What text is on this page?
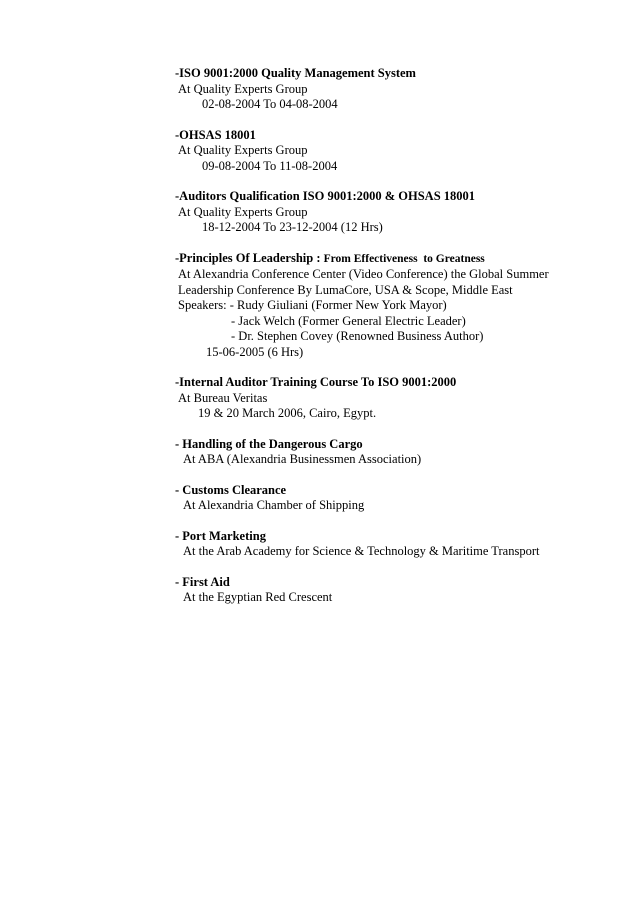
-ISO 9001:2000 Quality Management System
At Quality Experts Group
02-08-2004 To 04-08-2004
-OHSAS 18001
At Quality Experts Group
09-08-2004 To 11-08-2004
-Auditors Qualification ISO 9001:2000 & OHSAS 18001
At Quality Experts Group
18-12-2004 To 23-12-2004 (12 Hrs)
-Principles Of Leadership : From Effectiveness  to Greatness
At Alexandria Conference Center (Video Conference) the Global Summer
Leadership Conference By LumaCore, USA & Scope, Middle East
Speakers: - Rudy Giuliani (Former New York Mayor)
- Jack Welch (Former General Electric Leader)
- Dr. Stephen Covey (Renowned Business Author)
15-06-2005 (6 Hrs)
-Internal Auditor Training Course To ISO 9001:2000
At Bureau Veritas
19 & 20 March 2006, Cairo, Egypt.
- Handling of the Dangerous Cargo
At ABA (Alexandria Businessmen Association)
- Customs Clearance
At Alexandria Chamber of Shipping
- Port Marketing
At the Arab Academy for Science & Technology & Maritime Transport
- First Aid
At the Egyptian Red Crescent
